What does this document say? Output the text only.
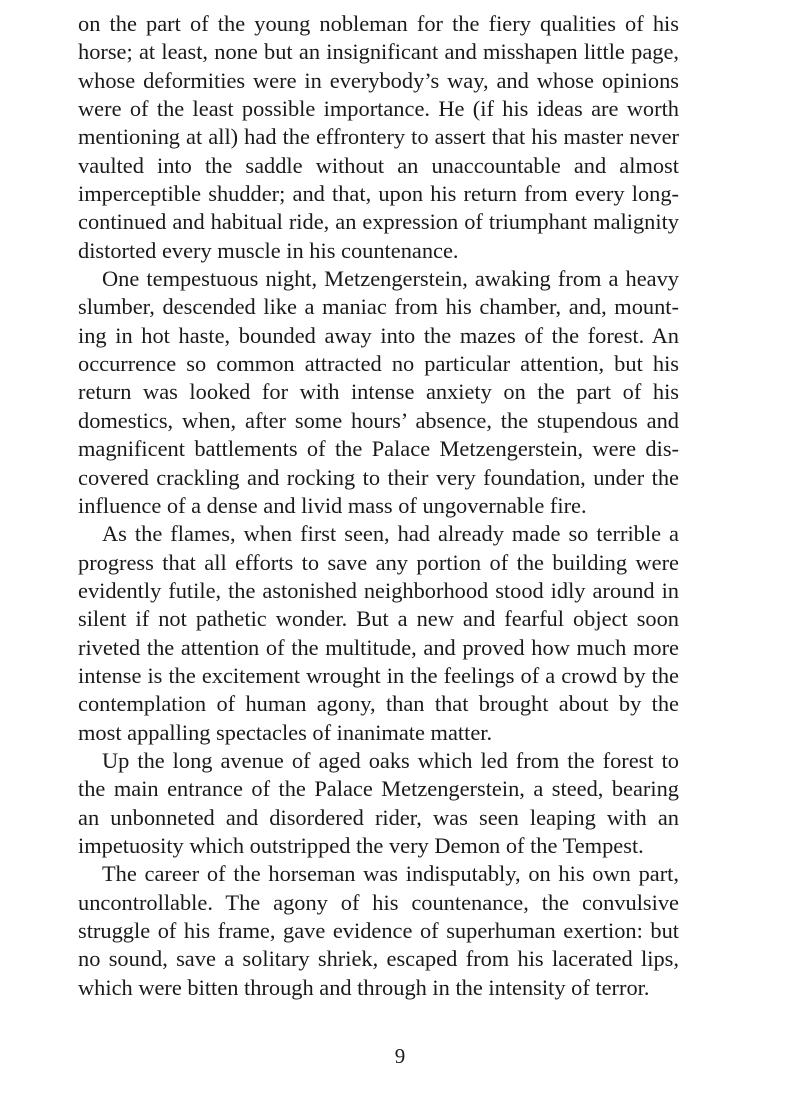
on the part of the young nobleman for the fiery qualities of his horse; at least, none but an insignificant and misshapen little page, whose deformities were in everybody’s way, and whose opinions were of the least possible importance. He (if his ideas are worth mentioning at all) had the effrontery to assert that his master never vaulted into the saddle without an unaccountable and almost imperceptible shudder; and that, upon his return from every longcontinued and habitual ride, an expression of triumphant malignity distorted every muscle in his countenance.

One tempestuous night, Metzengerstein, awaking from a heavy slumber, descended like a maniac from his chamber, and, mounting in hot haste, bounded away into the mazes of the forest. An occurrence so common attracted no particular attention, but his return was looked for with intense anxiety on the part of his domestics, when, after some hours’ absence, the stupendous and magnificent battlements of the Palace Metzengerstein, were discovered crackling and rocking to their very foundation, under the influence of a dense and livid mass of ungovernable fire.

As the flames, when first seen, had already made so terrible a progress that all efforts to save any portion of the building were evidently futile, the astonished neighborhood stood idly around in silent if not pathetic wonder. But a new and fearful object soon riveted the attention of the multitude, and proved how much more intense is the excitement wrought in the feelings of a crowd by the contemplation of human agony, than that brought about by the most appalling spectacles of inanimate matter.

Up the long avenue of aged oaks which led from the forest to the main entrance of the Palace Metzengerstein, a steed, bearing an unbonneted and disordered rider, was seen leaping with an impetuosity which outstripped the very Demon of the Tempest.

The career of the horseman was indisputably, on his own part, uncontrollable. The agony of his countenance, the convulsive struggle of his frame, gave evidence of superhuman exertion: but no sound, save a solitary shriek, escaped from his lacerated lips, which were bitten through and through in the intensity of terror.

9
